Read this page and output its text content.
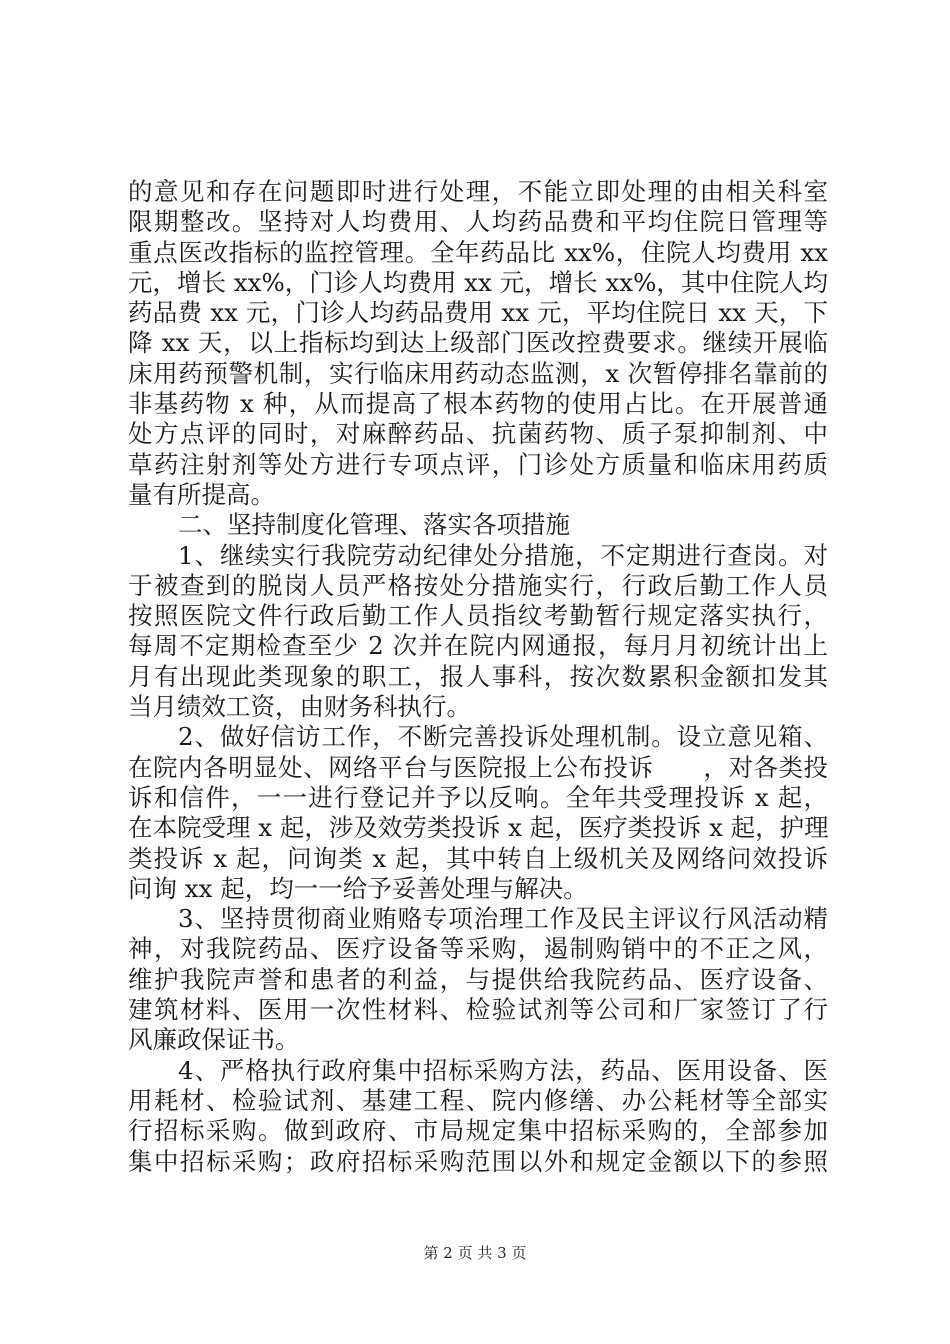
的意见和存在问题即时进行处理，不能立即处理的由相关科室
限期整改。坚持对人均费用、人均药品费和平均住院日管理等
重点医改指标的监控管理。全年药品比 xx%，住院人均费用 xx
元，增长 xx%，门诊人均费用 xx 元，增长 xx%，其中住院人均
药品费 xx 元，门诊人均药品费用 xx 元，平均住院日 xx 天，下
降 xx 天，以上指标均到达上级部门医改控费要求。继续开展临
床用药预警机制，实行临床用药动态监测，x 次暂停排名靠前的
非基药物 x 种，从而提高了根本药物的使用占比。在开展普通
处方点评的同时，对麻醉药品、抗菌药物、质子泵抑制剂、中
草药注射剂等处方进行专项点评，门诊处方质量和临床用药质
量有所提高。
二、坚持制度化管理、落实各项措施
1、继续实行我院劳动纪律处分措施，不定期进行查岗。对
于被查到的脱岗人员严格按处分措施实行，行政后勤工作人员
按照医院文件行政后勤工作人员指纹考勤暂行规定落实执行，
每周不定期检查至少 2 次并在院内网通报，每月月初统计出上
月有出现此类现象的职工，报人事科，按次数累积金额扣发其
当月绩效工资，由财务科执行。
2、做好信访工作，不断完善投诉处理机制。设立意见箱、
在院内各明显处、网络平台与医院报上公布投诉　　，对各类投
诉和信件，一一进行登记并予以反响。全年共受理投诉 x 起，
在本院受理 x 起，涉及效劳类投诉 x 起，医疗类投诉 x 起，护理
类投诉 x 起，问询类 x 起，其中转自上级机关及网络问效投诉
问询 xx 起，均一一给予妥善处理与解决。
3、坚持贯彻商业贿赂专项治理工作及民主评议行风活动精
神，对我院药品、医疗设备等采购，遏制购销中的不正之风，
维护我院声誉和患者的利益，与提供给我院药品、医疗设备、
建筑材料、医用一次性材料、检验试剂等公司和厂家签订了行
风廉政保证书。
4、严格执行政府集中招标采购方法，药品、医用设备、医
用耗材、检验试剂、基建工程、院内修缮、办公耗材等全部实
行招标采购。做到政府、市局规定集中招标采购的，全部参加
集中招标采购；政府招标采购范围以外和规定金额以下的参照
第 2 页 共 3 页
